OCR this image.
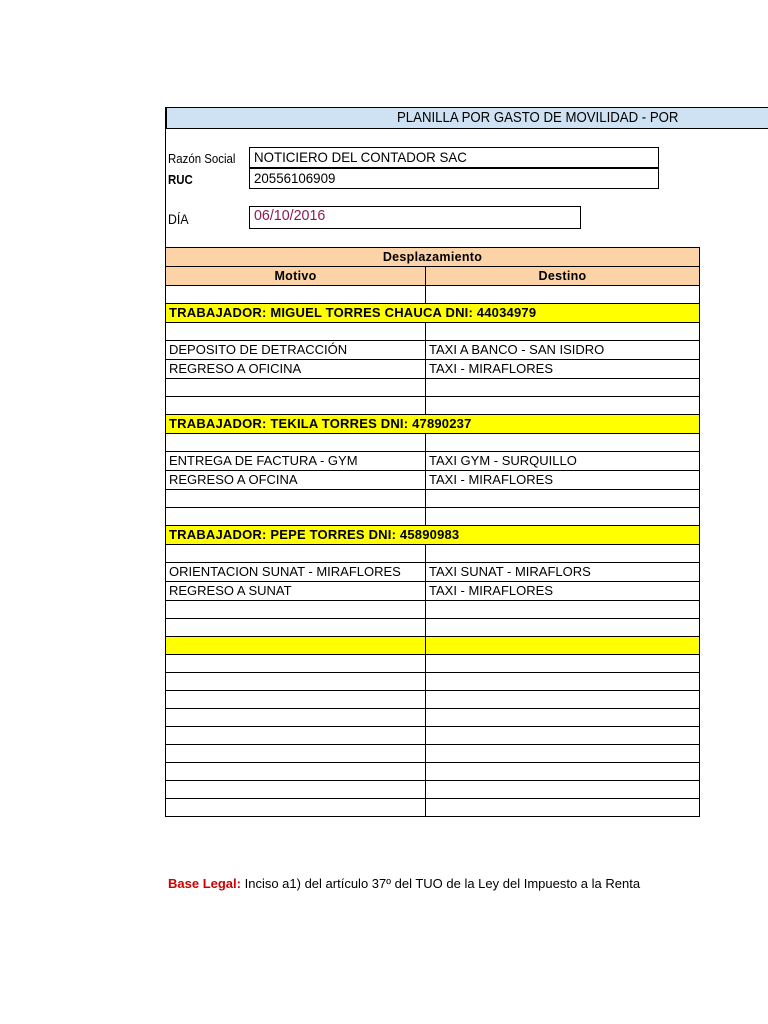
PLANILLA POR GASTO DE MOVILIDAD - POR
Razón Social	NOTICIERO DEL CONTADOR SAC
RUC	20556106909
DÍA	06/10/2016
Desplazamiento	
Motivo	Destino

TRABAJADOR: MIGUEL TORRES CHAUCA DNI: 44034979	

DEPOSITO DE DETRACCIÓN	TAXI A BANCO - SAN ISIDRO
REGRESO A OFICINA	TAXI - MIRAFLORES

TRABAJADOR: TEKILA TORRES DNI: 47890237	

ENTREGA DE FACTURA - GYM	TAXI GYM - SURQUILLO
REGRESO A OFCINA	TAXI - MIRAFLORES

TRABAJADOR: PEPE TORRES DNI: 45890983	

ORIENTACION SUNAT - MIRAFLORES	TAXI SUNAT - MIRAFLORS
REGRESO A SUNAT	TAXI - MIRAFLORES

Base Legal: Inciso a1) del artículo 37º del TUO de la Ley del Impuesto a la Renta
